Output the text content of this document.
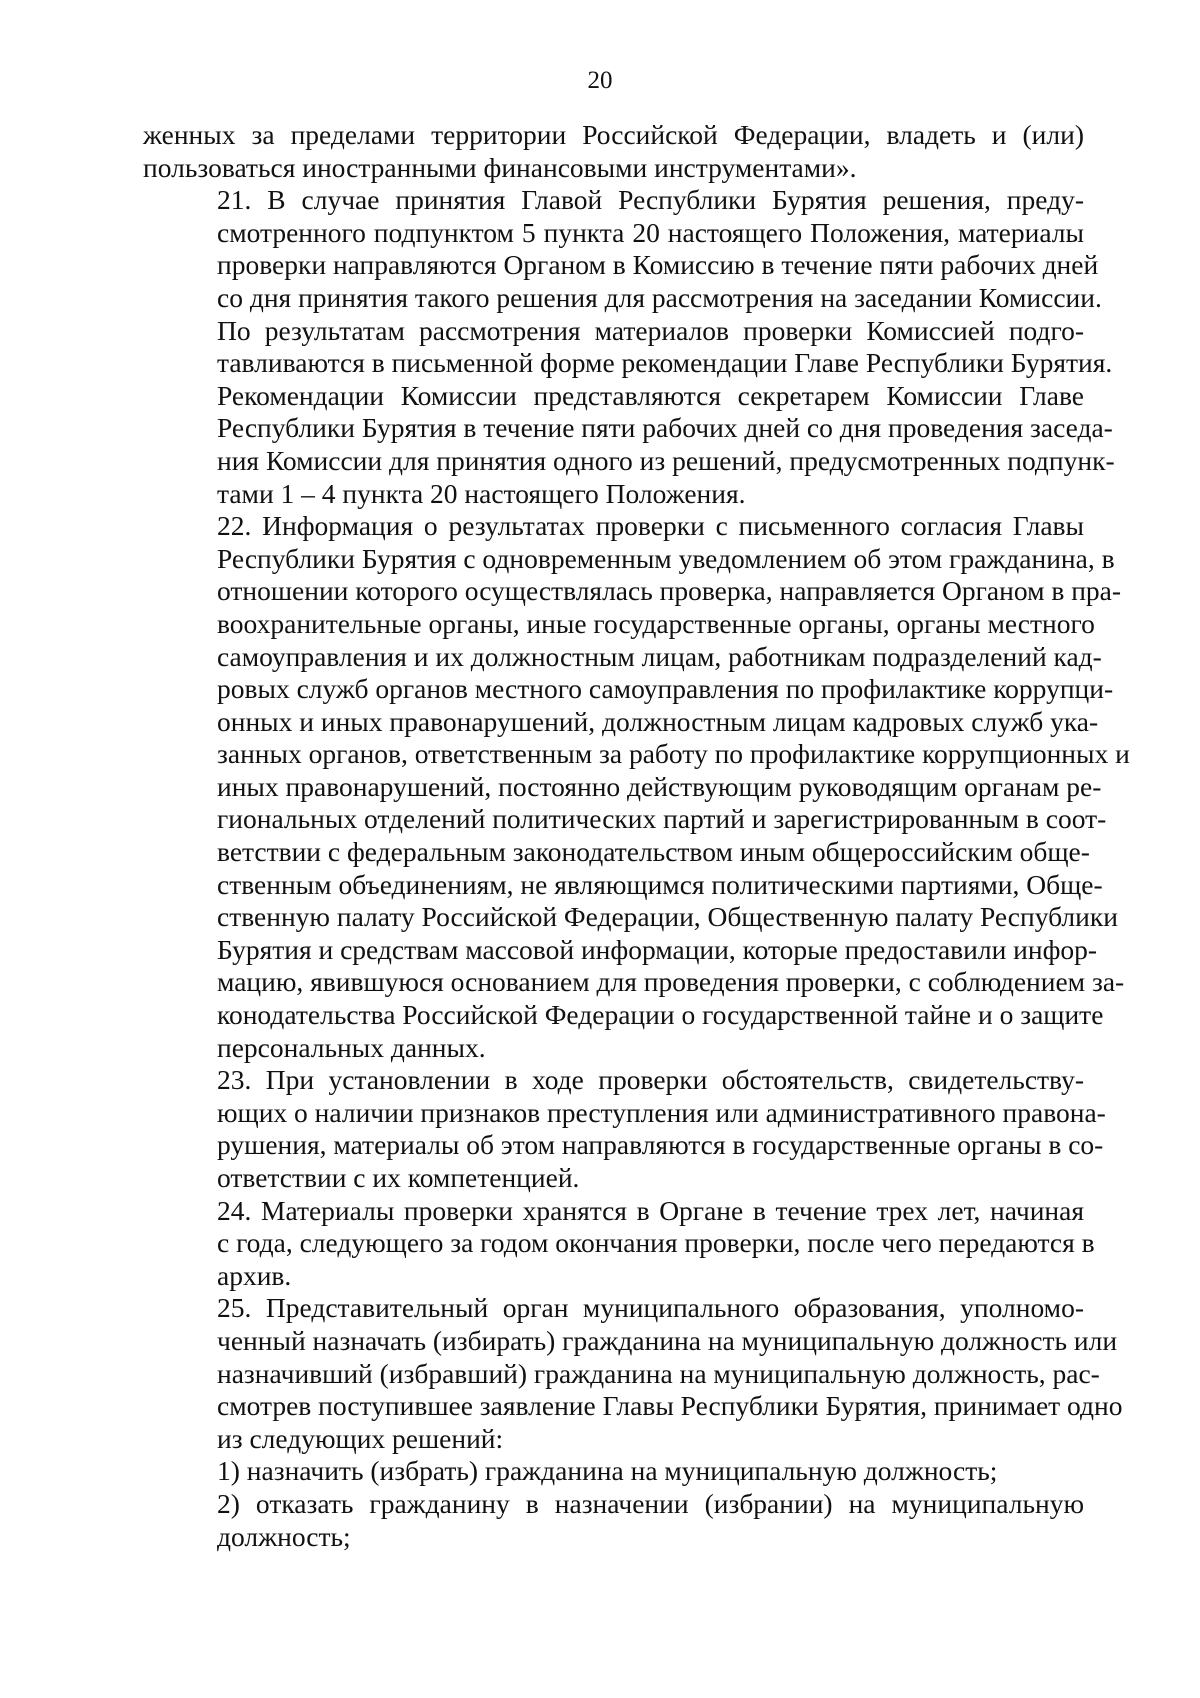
20

женных за пределами территории Российской Федерации, владеть и (или)
пользоваться иностранными финансовыми инструментами».

21. В случае принятия Главой Республики Бурятия решения, преду-
смотренного подпунктом 5 пункта 20 настоящего Положения, материалы
проверки направляются Органом в Комиссию в течение пяти рабочих дней
со дня принятия такого решения для рассмотрения на заседании Комиссии.

По результатам рассмотрения материалов проверки Комиссией подго-
тавливаются в письменной форме рекомендации Главе Республики Бурятия.

Рекомендации Комиссии представляются секретарем Комиссии Главе
Республики Бурятия в течение пяти рабочих дней со дня проведения заседа-
ния Комиссии для принятия одного из решений, предусмотренных подпунк-
тами 1 – 4 пункта 20 настоящего Положения.

22. Информация о результатах проверки с письменного согласия Главы
Республики Бурятия с одновременным уведомлением об этом гражданина, в
отношении которого осуществлялась проверка, направляется Органом в пра-
воохранительные органы, иные государственные органы, органы местного
самоуправления и их должностным лицам, работникам подразделений кад-
ровых служб органов местного самоуправления по профилактике коррупци-
онных и иных правонарушений, должностным лицам кадровых служб ука-
занных органов, ответственным за работу по профилактике коррупционных и
иных правонарушений, постоянно действующим руководящим органам ре-
гиональных отделений политических партий и зарегистрированным в соот-
ветствии с федеральным законодательством иным общероссийским обще-
ственным объединениям, не являющимся политическими партиями, Обще-
ственную палату Российской Федерации, Общественную палату Республики
Бурятия и средствам массовой информации, которые предоставили инфор-
мацию, явившуюся основанием для проведения проверки, с соблюдением за-
конодательства Российской Федерации о государственной тайне и о защите
персональных данных.

23. При установлении в ходе проверки обстоятельств, свидетельству-
ющих о наличии признаков преступления или административного правона-
рушения, материалы об этом направляются в государственные органы в со-
ответствии с их компетенцией.

24. Материалы проверки хранятся в Органе в течение трех лет, начиная
с года, следующего за годом окончания проверки, после чего передаются в
архив.

25. Представительный орган муниципального образования, уполномо-
ченный назначать (избирать) гражданина на муниципальную должность или
назначивший (избравший) гражданина на муниципальную должность, рас-
смотрев поступившее заявление Главы Республики Бурятия, принимает одно
из следующих решений:

1) назначить (избрать) гражданина на муниципальную должность;

2) отказать гражданину в назначении (избрании) на муниципальную
должность;
